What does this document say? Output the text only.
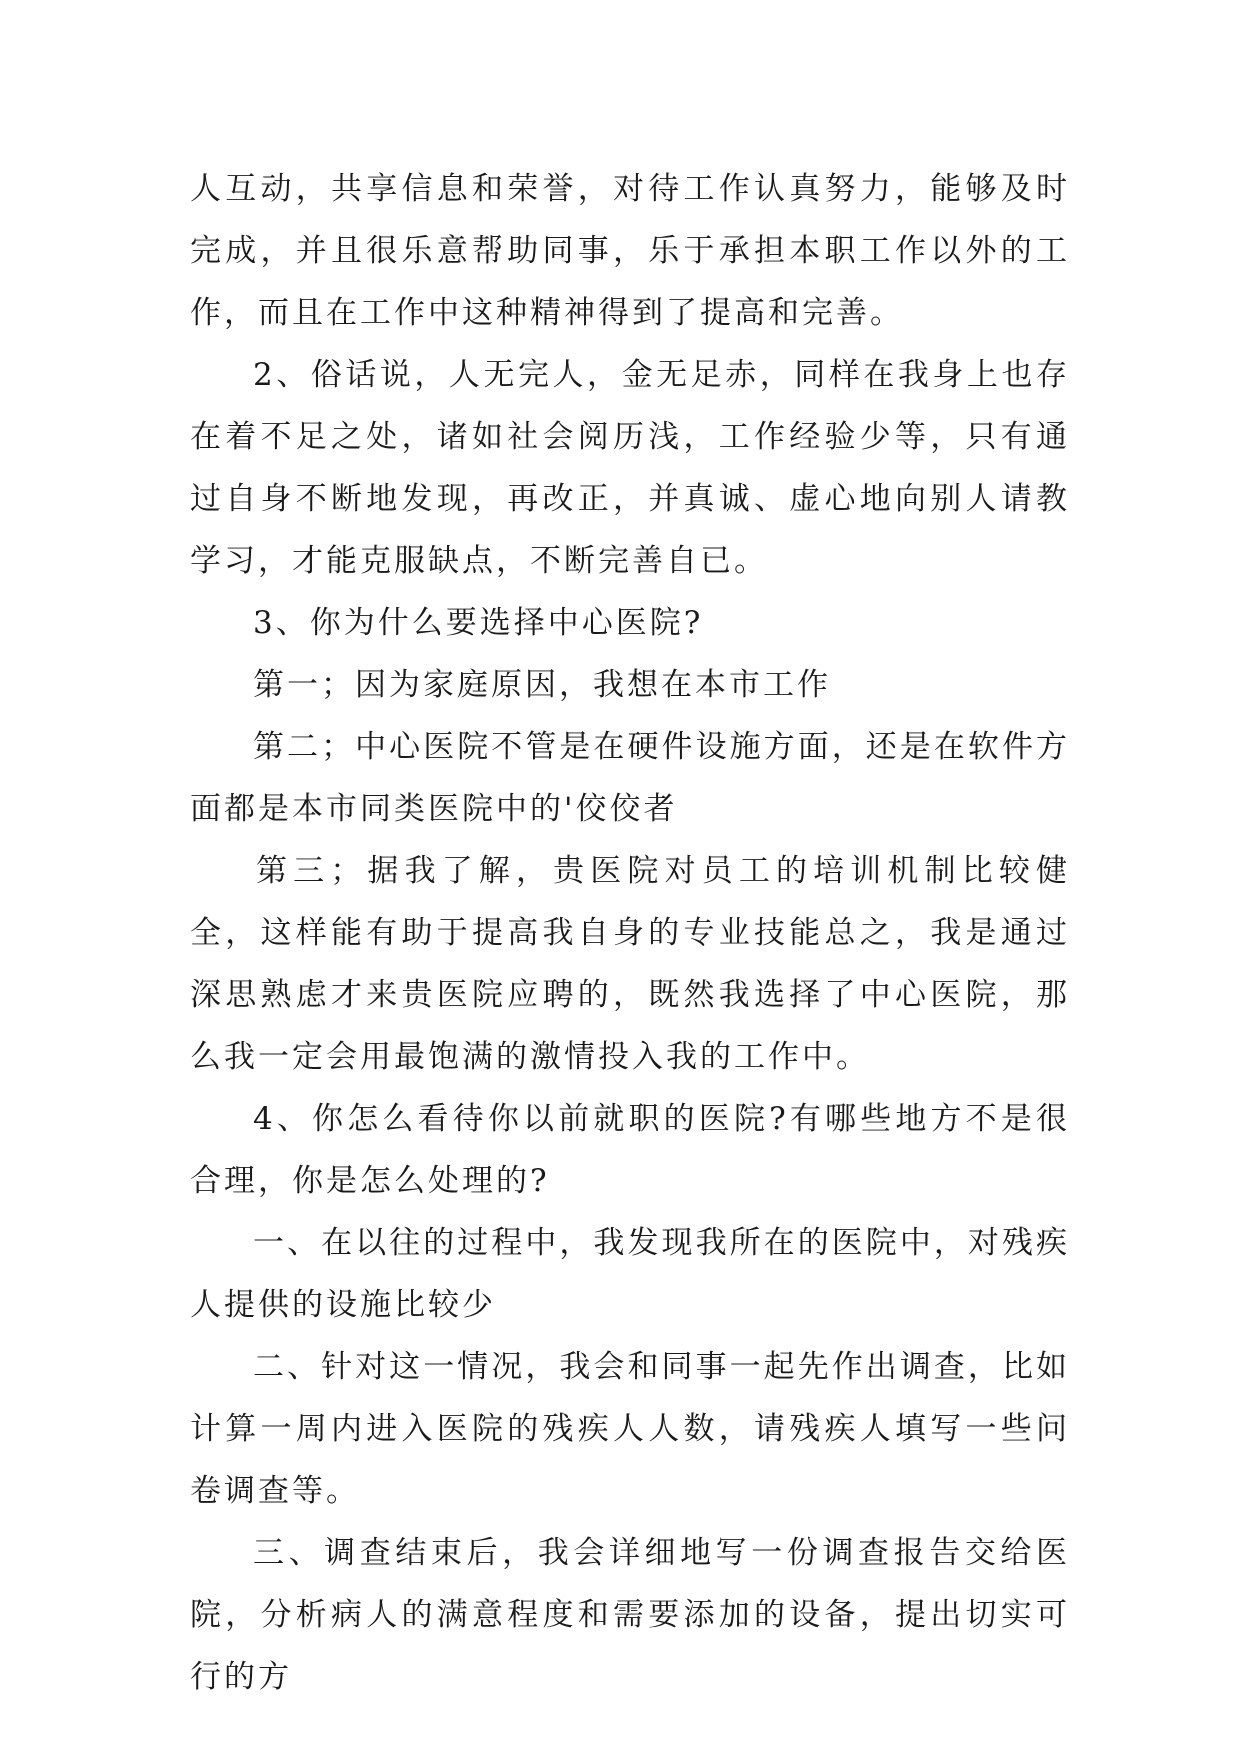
人互动，共享信息和荣誉，对待工作认真努力，能够及时完成，并且很乐意帮助同事，乐于承担本职工作以外的工作，而且在工作中这种精神得到了提高和完善。

2、俗话说，人无完人，金无足赤，同样在我身上也存在着不足之处，诸如社会阅历浅，工作经验少等，只有通过自身不断地发现，再改正，并真诚、虚心地向别人请教学习，才能克服缺点，不断完善自已。

3、你为什么要选择中心医院?

第一；因为家庭原因，我想在本市工作

第二；中心医院不管是在硬件设施方面，还是在软件方面都是本市同类医院中的'佼佼者

第三；据我了解，贵医院对员工的培训机制比较健全，这样能有助于提高我自身的专业技能总之，我是通过深思熟虑才来贵医院应聘的，既然我选择了中心医院，那么我一定会用最饱满的激情投入我的工作中。

4、你怎么看待你以前就职的医院?有哪些地方不是很合理，你是怎么处理的?

一、在以往的过程中，我发现我所在的医院中，对残疾人提供的设施比较少

二、针对这一情况，我会和同事一起先作出调查，比如计算一周内进入医院的残疾人人数，请残疾人填写一些问卷调查等。

三、调查结束后，我会详细地写一份调查报告交给医院，分析病人的满意程度和需要添加的设备，提出切实可行的方
